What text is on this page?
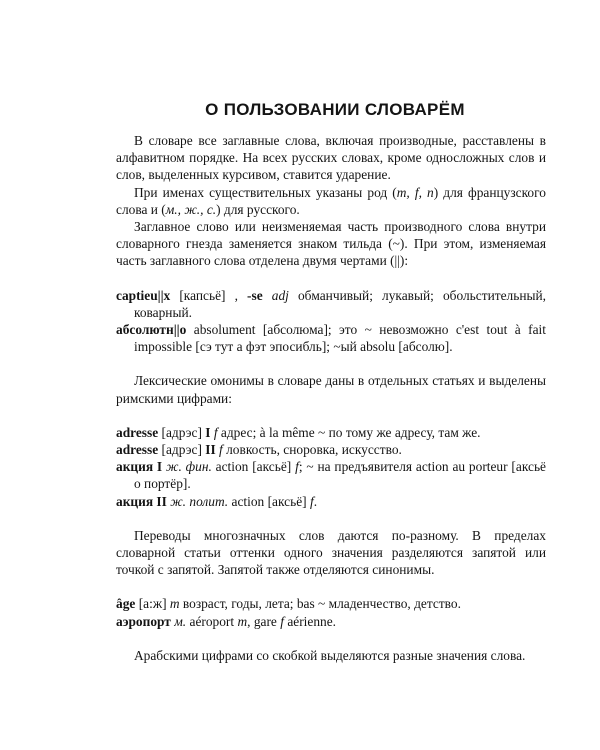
О ПОЛЬЗОВАНИИ СЛОВАРЁМ

В словаре все заглавные слова, включая производные, расставлены в алфавитном порядке. На всех русских словах, кроме односложных слов и слов, выделенных курсивом, ставится ударение.

При именах существительных указаны род (m, f, n) для французского слова и (м., ж., с.) для русского.

Заглавное слово или неизменяемая часть производного слова внутри словарного гнезда заменяется знаком тильда (~). При этом, изменяемая часть заглавного слова отделена двумя чертами (||):

captieu||x [капсьё] , -se adj обманчивый; лукавый; обольстительный, коварный.

абсолютн||о absolument [абсолюма]; это ~ невозможно c'est tout à fait impossible [сэ тут а фэт эпосибль]; ~ый absolu [абсолю].

Лексические омонимы в словаре даны в отдельных статьях и выделены римскими цифрами:

adresse [адрэс] I f адрес; à la même ~ по тому же адресу, там же.

adresse [адрэс] II f ловкость, сноровка, искусство.

акция I ж. фин. action [аксьё] f; ~ на предъявителя action au porteur [аксьё о портёр].

акция II ж. полит. action [аксьё] f.

Переводы многозначных слов даются по-разному. В пределах словарной статьи оттенки одного значения разделяются запятой или точкой с запятой. Запятой также отделяются синонимы.

âge [а:ж] m возраст, годы, лета; bas ~ младенчество, детство.

аэропорт м. aéroport m, gare f aérienne.

Арабскими цифрами со скобкой выделяются разные значения слова.
